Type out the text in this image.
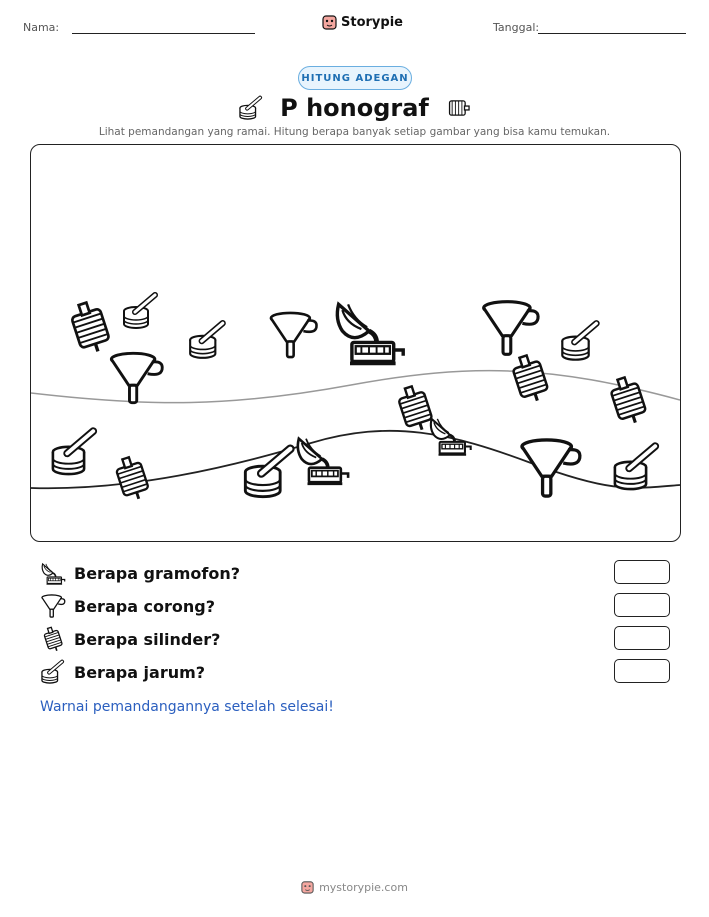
Nama:	Storypie	Tanggal:
HITUNG ADEGAN
P honograf
Lihat pemandangan yang ramai. Hitung berapa banyak setiap gambar yang bisa kamu temukan.
Berapa gramofon?
Berapa corong?
Berapa silinder?
Berapa jarum?
Warnai pemandangannya setelah selesai!
mystorypie.com
